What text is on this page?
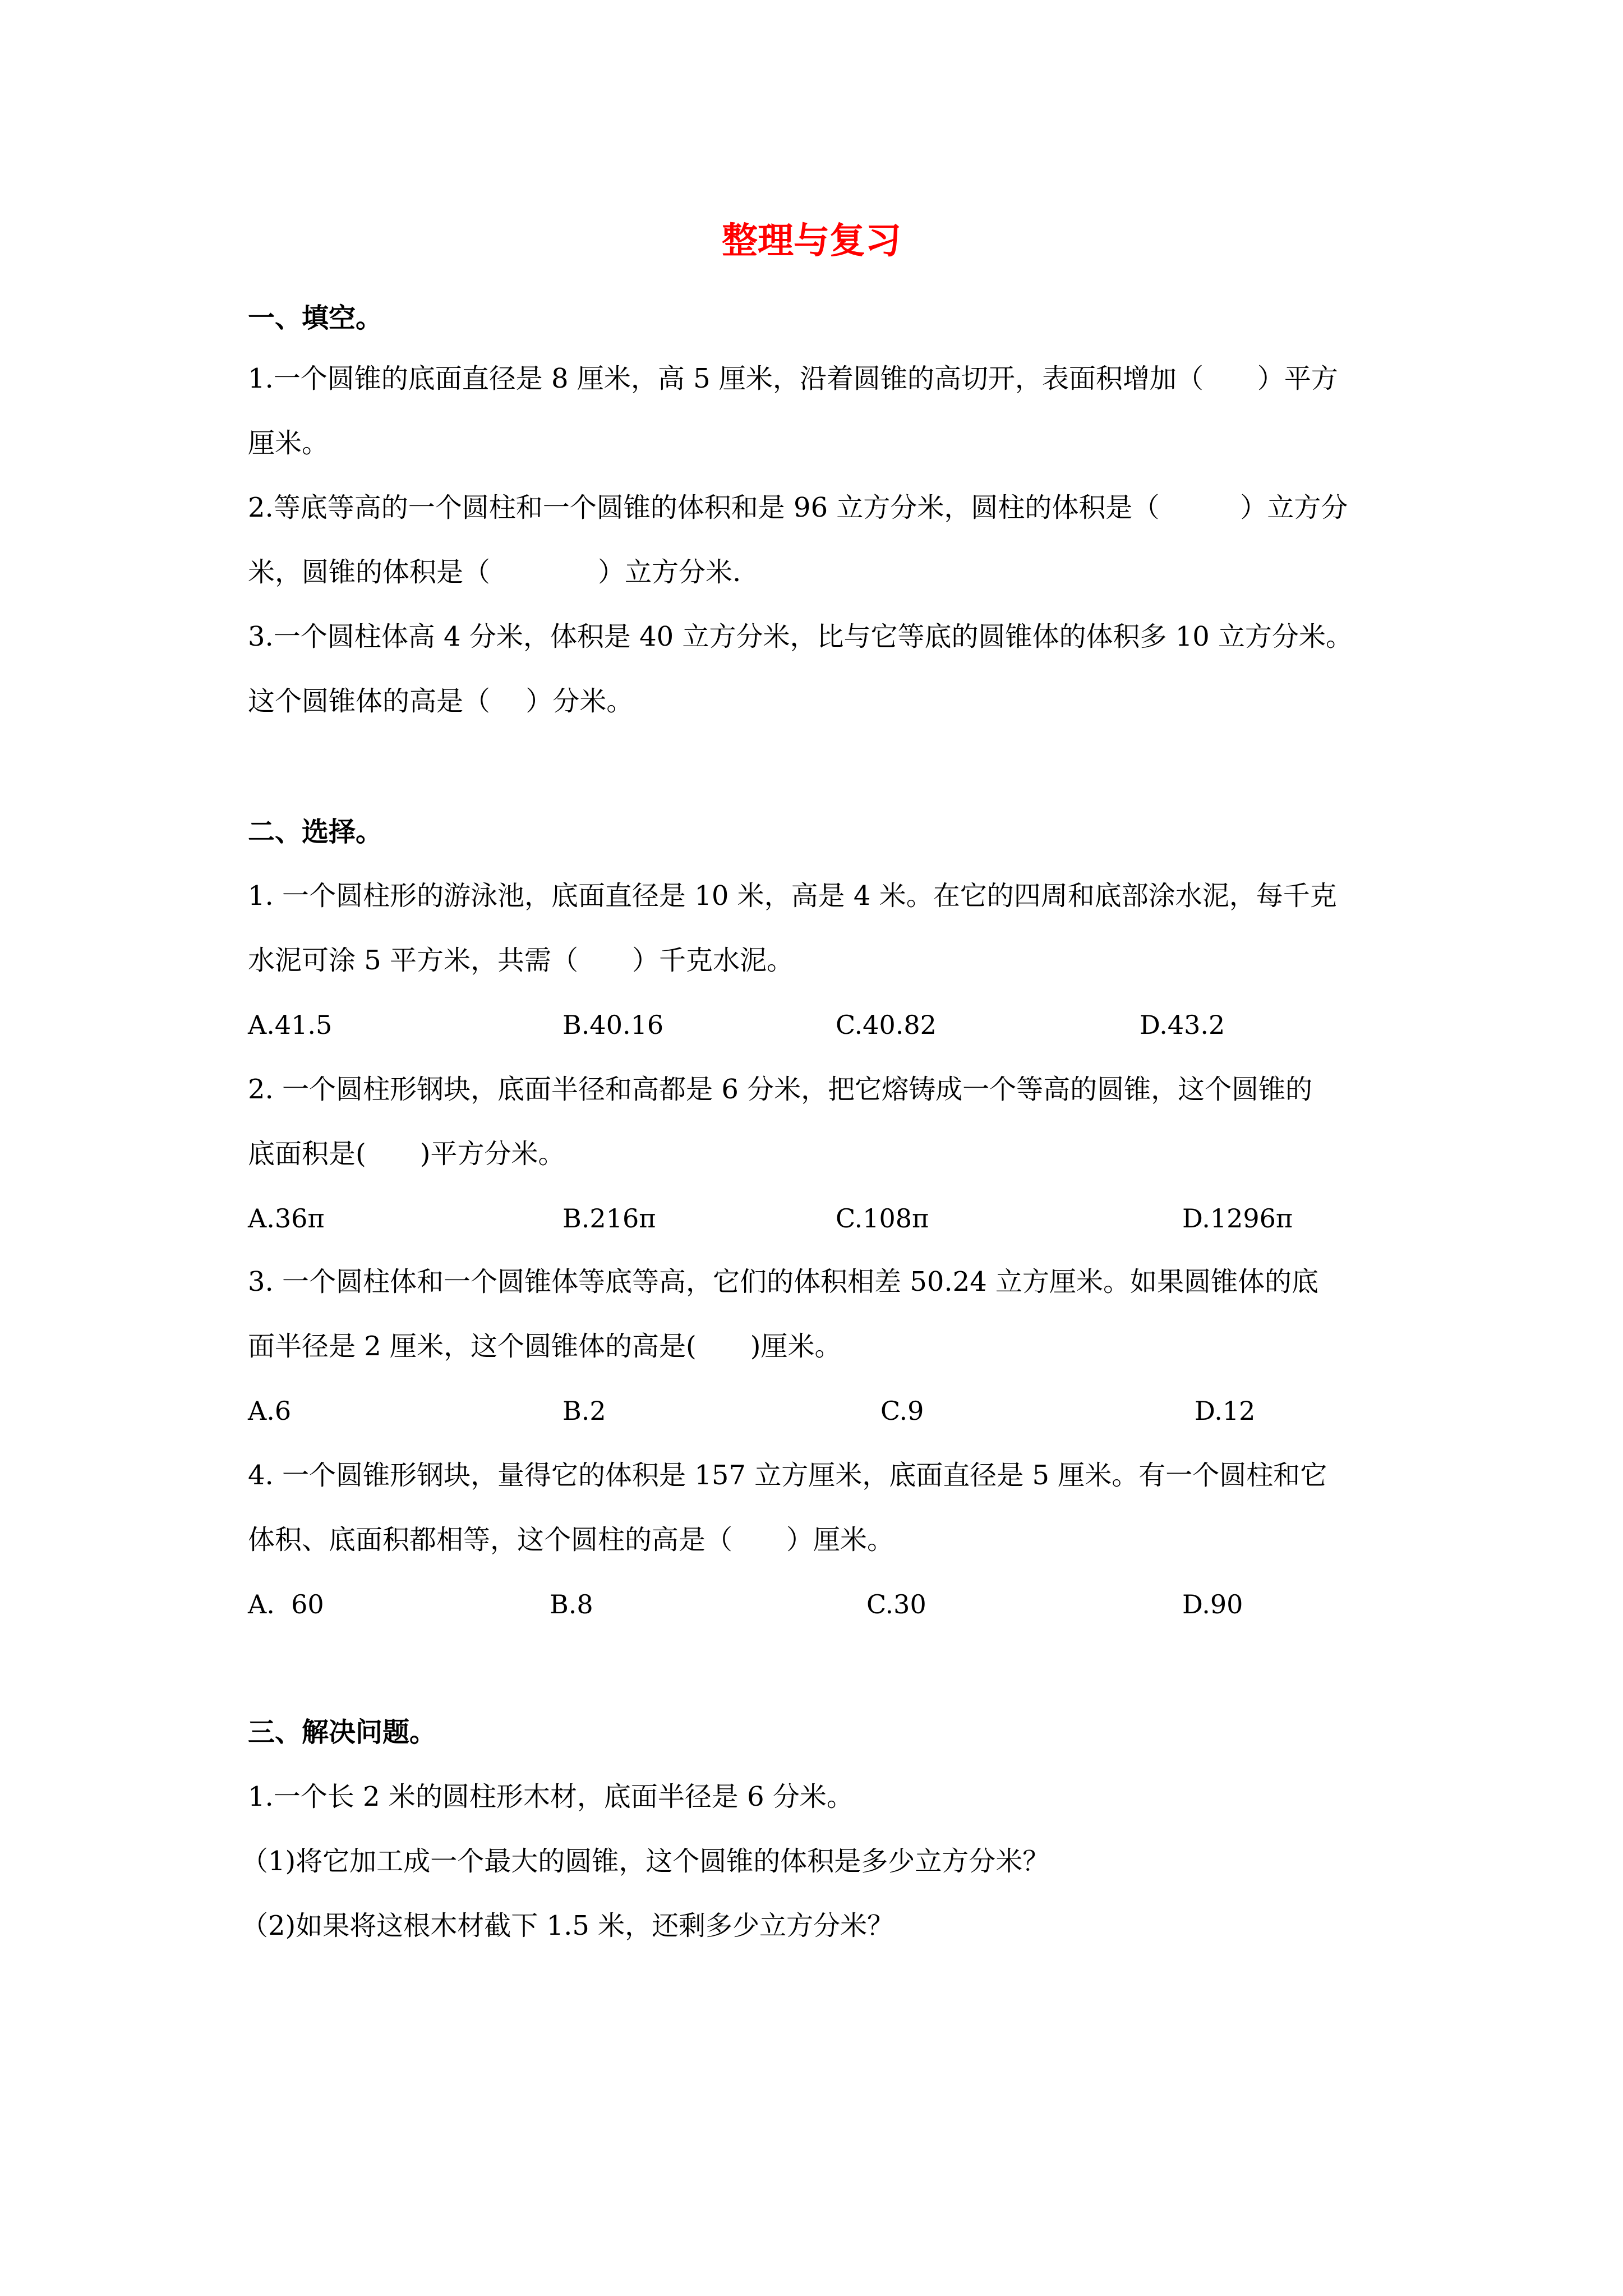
整理与复习

一、填空。

1.一个圆锥的底面直径是 8 厘米，高 5 厘米，沿着圆锥的高切开，表面积增加（　　）平方

厘米。

2.等底等高的一个圆柱和一个圆锥的体积和是 96 立方分米，圆柱的体积是（　　　）立方分

米，圆锥的体积是（　　　　）立方分米.

3.一个圆柱体高 4 分米，体积是 40 立方分米，比与它等底的圆锥体的体积多 10 立方分米。

这个圆锥体的高是（　 ）分米。

二、选择。

1. 一个圆柱形的游泳池，底面直径是 10 米，高是 4 米。在它的四周和底部涂水泥，每千克

水泥可涂 5 平方米，共需（　　）千克水泥。

A.41.5	B.40.16	C.40.82	D.43.2

2. 一个圆柱形钢块，底面半径和高都是 6 分米，把它熔铸成一个等高的圆锥，这个圆锥的

底面积是(　　)平方分米。

A.36π	B.216π	C.108π	D.1296π

3. 一个圆柱体和一个圆锥体等底等高，它们的体积相差 50.24 立方厘米。如果圆锥体的底

面半径是 2 厘米，这个圆锥体的高是(　　)厘米。

A.6	B.2	C.9	D.12

4. 一个圆锥形钢块，量得它的体积是 157 立方厘米，底面直径是 5 厘米。有一个圆柱和它

体积、底面积都相等，这个圆柱的高是（　　）厘米。

A.  60	B.8	C.30	D.90

三、解决问题。

1.一个长 2 米的圆柱形木材，底面半径是 6 分米。

（1)将它加工成一个最大的圆锥，这个圆锥的体积是多少立方分米？

（2)如果将这根木材截下 1.5 米，还剩多少立方分米？
